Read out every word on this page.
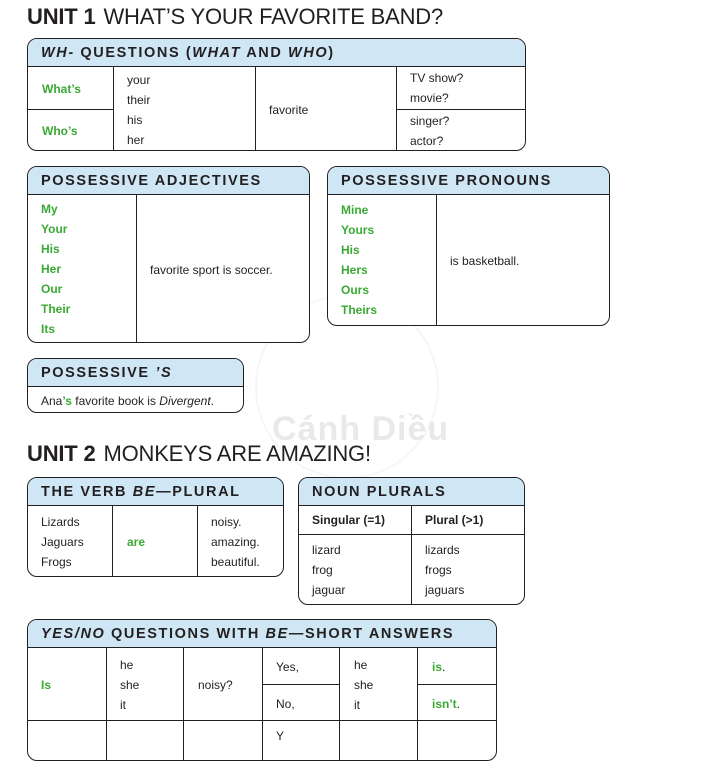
Cánh Diều
UNIT 1 WHAT’S YOUR FAVORITE BAND?
WH- QUESTIONS (WHAT AND WHO)
What’s
Who’s
your
their
his
her
favorite
TV show?
movie?
singer?
actor?
POSSESSIVE ADJECTIVES
My
Your
His
Her
Our
Their
Its
favorite sport is soccer.
POSSESSIVE PRONOUNS
Mine
Yours
His
Hers
Ours
Theirs
is basketball.
POSSESSIVE ’S
Ana’s favorite book is Divergent.
UNIT 2 MONKEYS ARE AMAZING!
THE VERB BE—PLURAL
Lizards
Jaguars
Frogs
are
noisy.
amazing.
beautiful.
NOUN PLURALS
Singular (=1)	Plural (>1)
lizard
frog
jaguar
lizards
frogs
jaguars
YES/NO QUESTIONS WITH BE—SHORT ANSWERS
Is
he
she
it
noisy?
Yes,
No,
he
she
it
is.
isn’t.
Y
